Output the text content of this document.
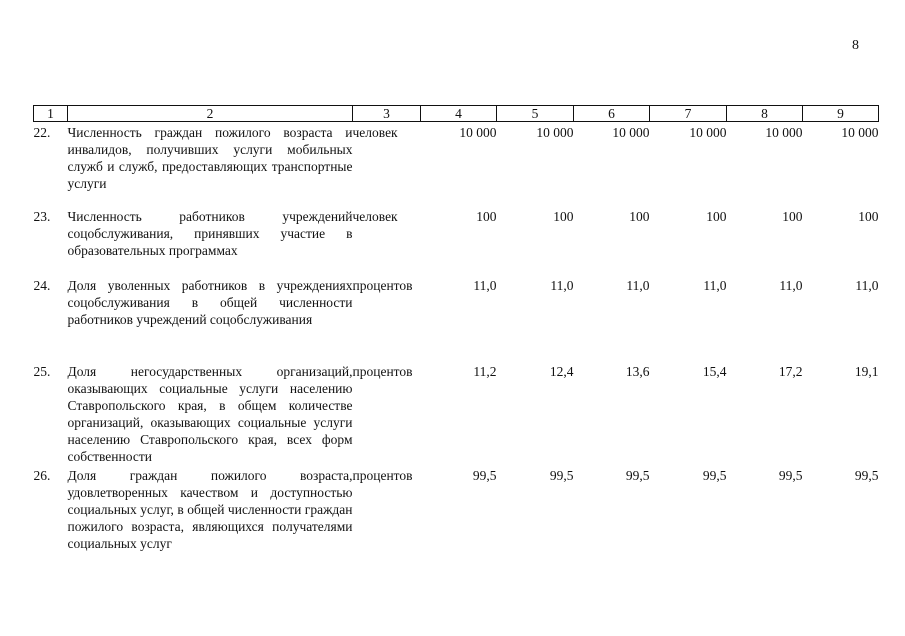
8
1	2	3	4	5	6	7	8	9
22.	Численность граждан пожилого возраста и инвалидов, получивших услуги мобильных служб и служб, предоставляющих транспортные услуги	человек	10 000	10 000	10 000	10 000	10 000	10 000
23.	Численность работников учреждений соцобслуживания, принявших участие в образовательных программах	человек	100	100	100	100	100	100
24.	Доля уволенных работников в учреждениях соцобслуживания в общей численности работников учреждений соцобслуживания	процентов	11,0	11,0	11,0	11,0	11,0	11,0
25.	Доля негосударственных организаций, оказывающих социальные услуги населению Ставропольского края, в общем количестве организаций, оказывающих социальные услуги населению Ставропольского края, всех форм собственности	процентов	11,2	12,4	13,6	15,4	17,2	19,1
26.	Доля граждан пожилого возраста, удовлетворенных качеством и доступностью социальных услуг, в общей численности граждан пожилого возраста, являющихся получателями социальных услуг	процентов	99,5	99,5	99,5	99,5	99,5	99,5
